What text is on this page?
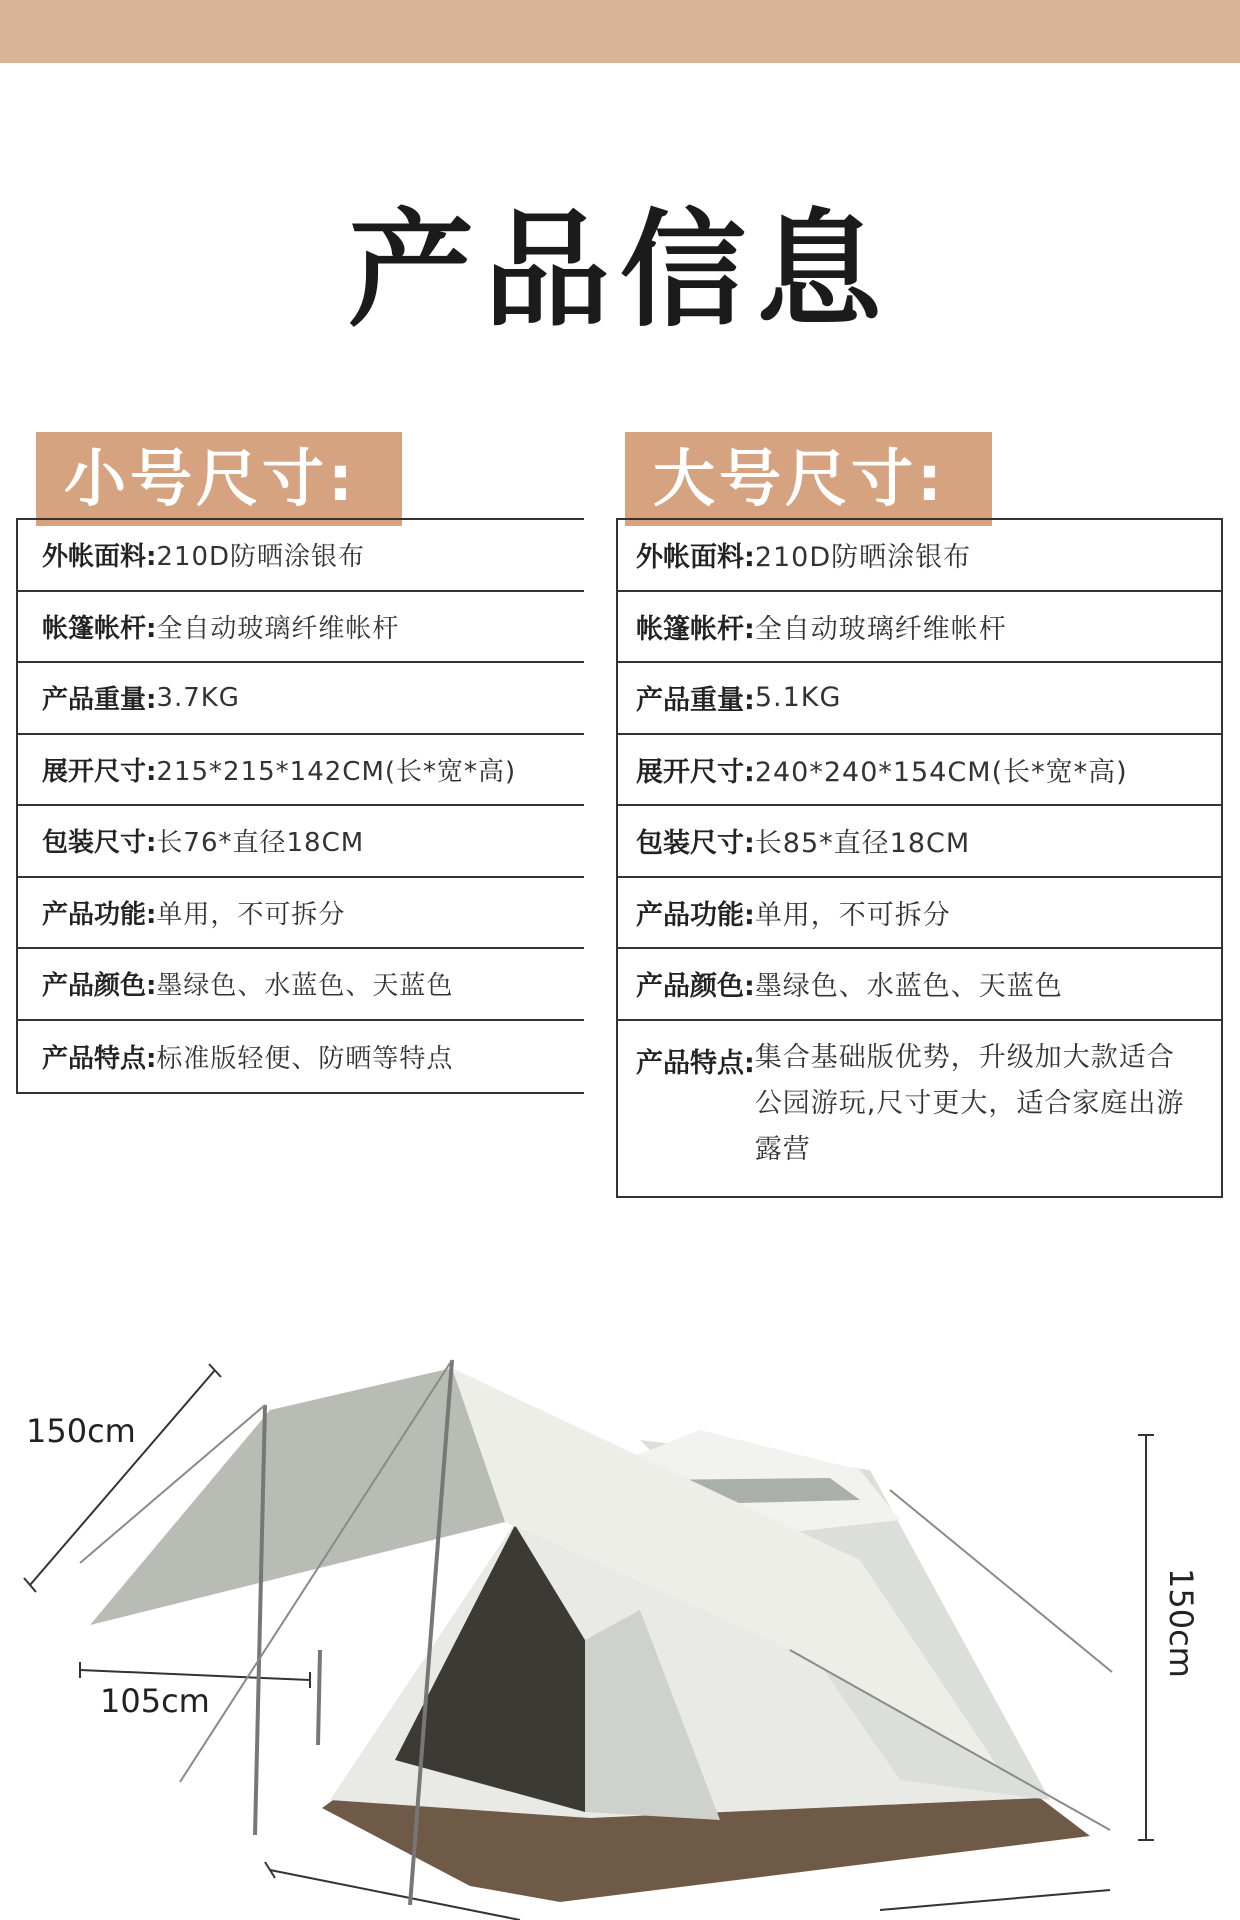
产品信息
小号尺寸:	大号尺寸:
外帐面料: 210D防晒涂银布
帐篷帐杆: 全自动玻璃纤维帐杆
产品重量: 3.7KG
展开尺寸: 215*215*142CM(长*宽*高)
包装尺寸: 长76*直径18CM
产品功能: 单用，不可拆分
产品颜色: 墨绿色、水蓝色、天蓝色
产品特点: 标准版轻便、防晒等特点
外帐面料: 210D防晒涂银布
帐篷帐杆: 全自动玻璃纤维帐杆
产品重量: 5.1KG
展开尺寸: 240*240*154CM(长*宽*高)
包装尺寸: 长85*直径18CM
产品功能: 单用，不可拆分
产品颜色: 墨绿色、水蓝色、天蓝色
产品特点: 集合基础版优势，升级加大款适合公园游玩,尺寸更大，适合家庭出游露营
150cm
105cm
150cm
